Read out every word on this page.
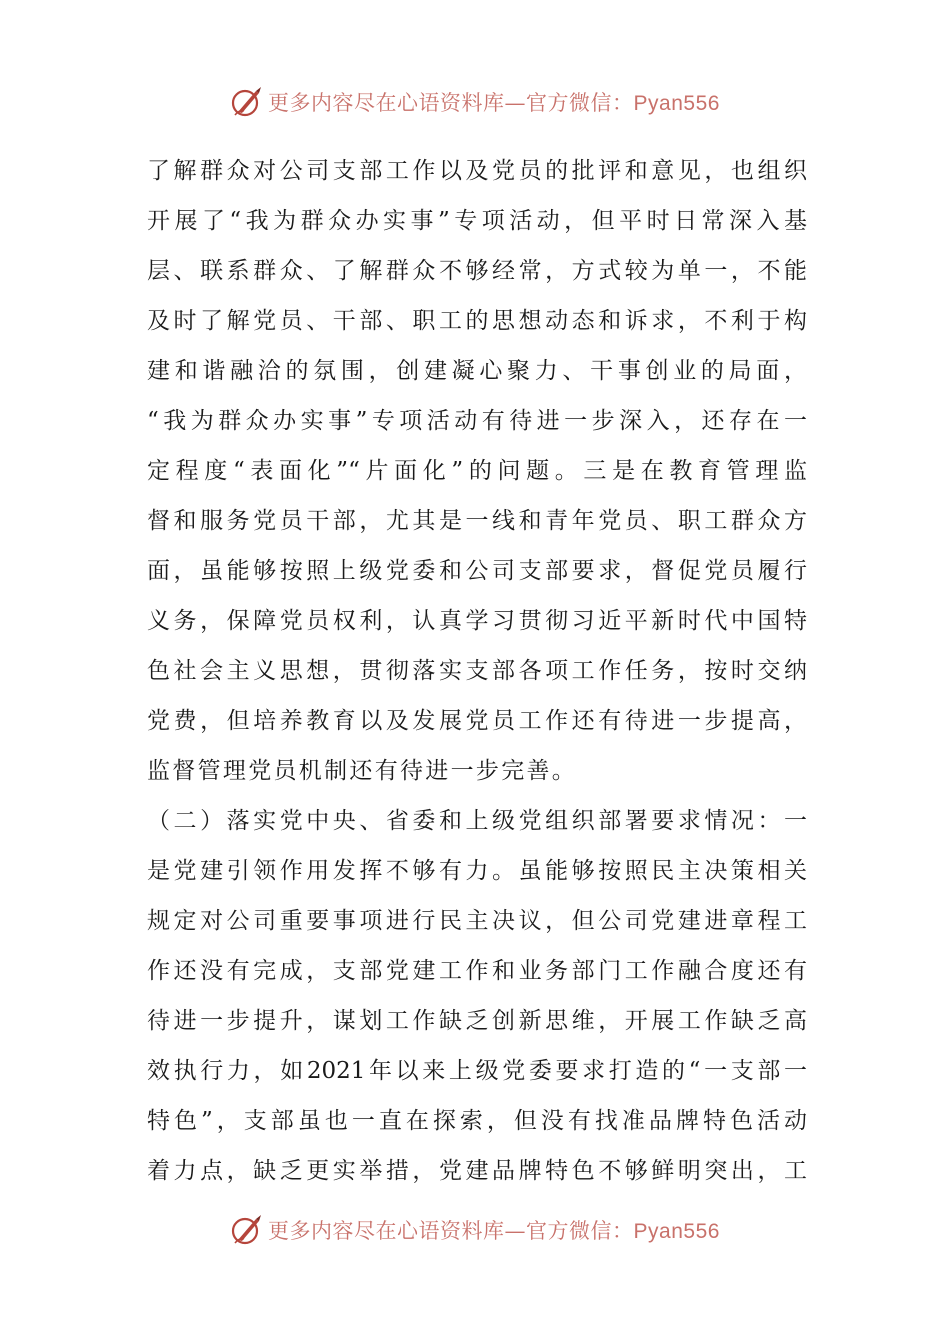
更多内容尽在心语资料库—官方微信：Pyan556
了解群众对公司支部工作以及党员的批评和意见，也组织
开展了“我为群众办实事”专项活动，但平时日常深入基
层、联系群众、了解群众不够经常，方式较为单一，不能
及时了解党员、干部、职工的思想动态和诉求，不利于构
建和谐融洽的氛围，创建凝心聚力、干事创业的局面，
“我为群众办实事”专项活动有待进一步深入，还存在一
定程度“表面化”“片面化”的问题。三是在教育管理监
督和服务党员干部，尤其是一线和青年党员、职工群众方
面，虽能够按照上级党委和公司支部要求，督促党员履行
义务，保障党员权利，认真学习贯彻习近平新时代中国特
色社会主义思想，贯彻落实支部各项工作任务，按时交纳
党费，但培养教育以及发展党员工作还有待进一步提高，
监督管理党员机制还有待进一步完善。
（二）落实党中央、省委和上级党组织部署要求情况：一
是党建引领作用发挥不够有力。虽能够按照民主决策相关
规定对公司重要事项进行民主决议，但公司党建进章程工
作还没有完成，支部党建工作和业务部门工作融合度还有
待进一步提升，谋划工作缺乏创新思维，开展工作缺乏高
效执行力，如2021年以来上级党委要求打造的“一支部一
特色”，支部虽也一直在探索，但没有找准品牌特色活动
着力点，缺乏更实举措，党建品牌特色不够鲜明突出，工
更多内容尽在心语资料库—官方微信：Pyan556
